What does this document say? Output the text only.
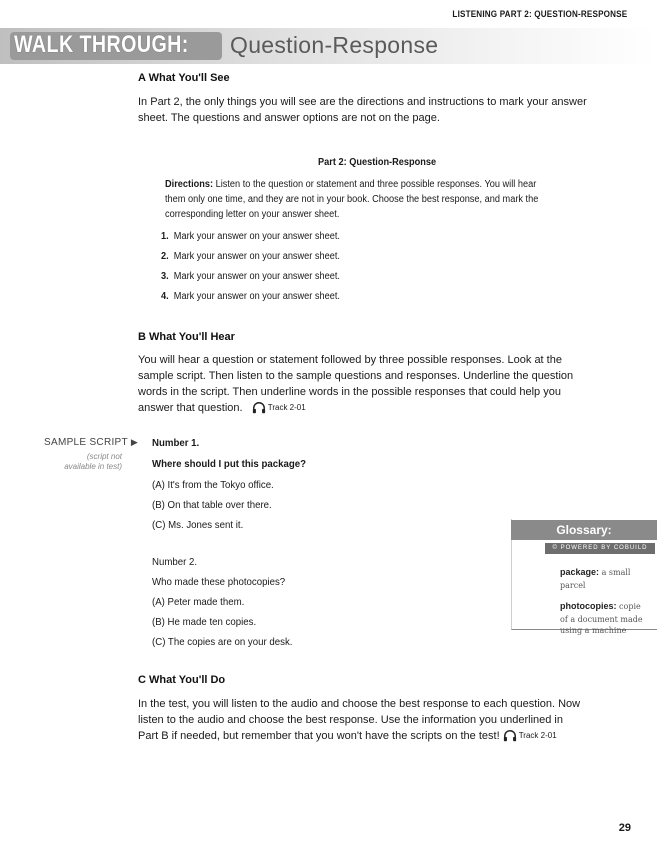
LISTENING PART 2: QUESTION-RESPONSE
WALK THROUGH: Question-Response
A What You'll See
In Part 2, the only things you will see are the directions and instructions to mark your answer
sheet. The questions and answer options are not on the page.
Part 2: Question-Response
Directions: Listen to the question or statement and three possible responses. You will hear
them only one time, and they are not in your book. Choose the best response, and mark the
corresponding letter on your answer sheet.
1. Mark your answer on your answer sheet.
2. Mark your answer on your answer sheet.
3. Mark your answer on your answer sheet.
4. Mark your answer on your answer sheet.
B What You'll Hear
You will hear a question or statement followed by three possible responses. Look at the
sample script. Then listen to the sample questions and responses. Underline the question
words in the script. Then underline words in the possible responses that could help you
answer that question.	Track 2-01
SAMPLE SCRIPT ▶
(script not
available in test)
Number 1.
Where should I put this package?
(A) It's from the Tokyo office.
(B) On that table over there.
(C) Ms. Jones sent it.
Number 2.
Who made these photocopies?
(A) Peter made them.
(B) He made ten copies.
(C) The copies are on your desk.
Glossary:
© POWERED BY COBUILD
package: a small
parcel
photocopies: copie
of a document made
using a machine
C What You'll Do
In the test, you will listen to the audio and choose the best response to each question. Now
listen to the audio and choose the best response. Use the information you underlined in
Part B if needed, but remember that you won't have the scripts on the test! Track 2-01
29
